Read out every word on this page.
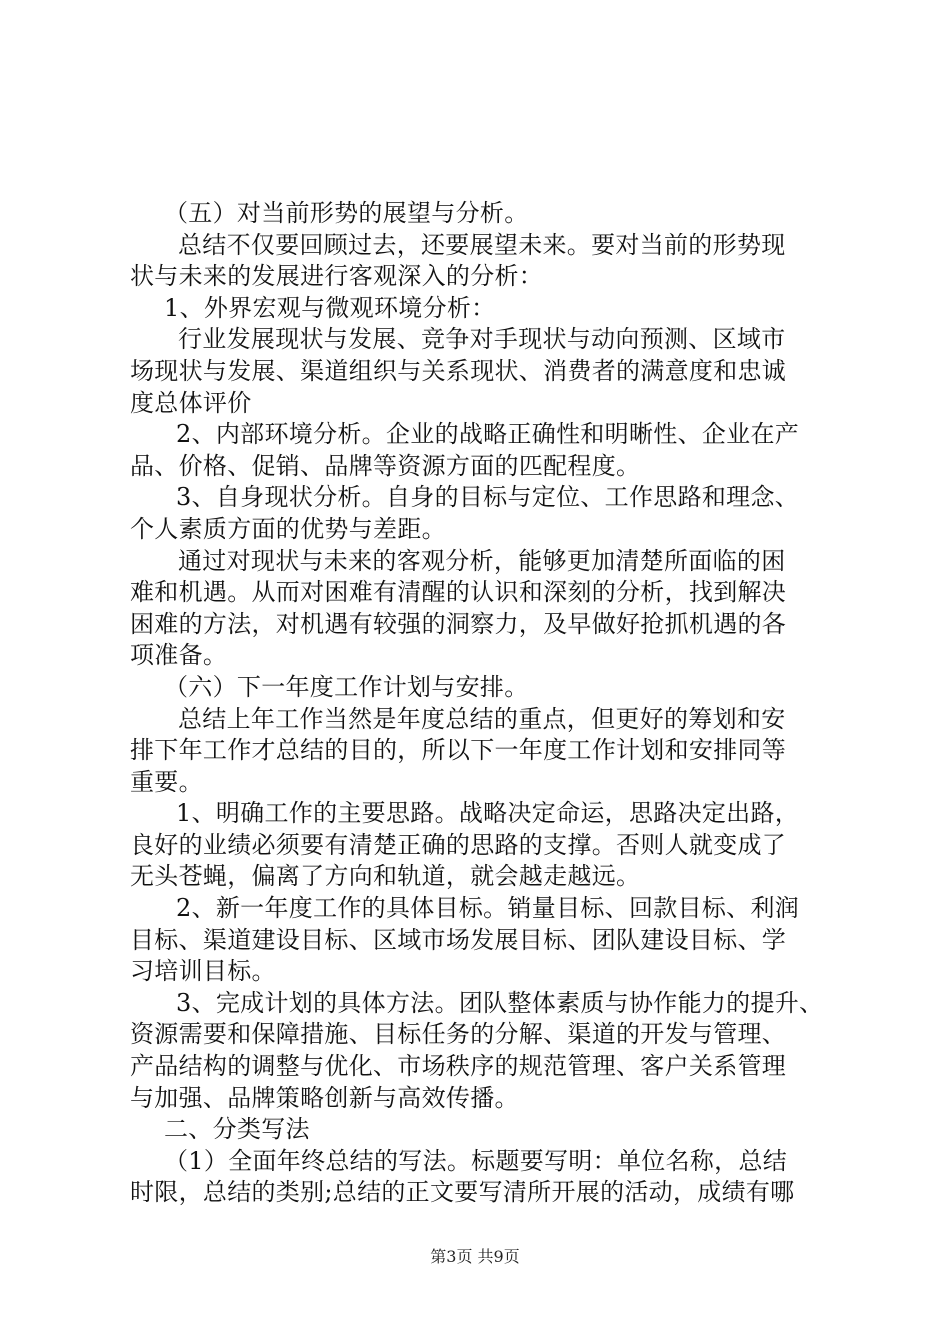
（五）对当前形势的展望与分析。
总结不仅要回顾过去，还要展望未来。要对当前的形势现
状与未来的发展进行客观深入的分析：
1、外界宏观与微观环境分析：
行业发展现状与发展、竞争对手现状与动向预测、区域市
场现状与发展、渠道组织与关系现状、消费者的满意度和忠诚
度总体评价
2、内部环境分析。企业的战略正确性和明晰性、企业在产
品、价格、促销、品牌等资源方面的匹配程度。
3、自身现状分析。自身的目标与定位、工作思路和理念、
个人素质方面的优势与差距。
通过对现状与未来的客观分析，能够更加清楚所面临的困
难和机遇。从而对困难有清醒的认识和深刻的分析，找到解决
困难的方法，对机遇有较强的洞察力，及早做好抢抓机遇的各
项准备。
（六）下一年度工作计划与安排。
总结上年工作当然是年度总结的重点，但更好的筹划和安
排下年工作才总结的目的，所以下一年度工作计划和安排同等
重要。
1、明确工作的主要思路。战略决定命运，思路决定出路，
良好的业绩必须要有清楚正确的思路的支撑。否则人就变成了
无头苍蝇，偏离了方向和轨道，就会越走越远。
2、新一年度工作的具体目标。销量目标、回款目标、利润
目标、渠道建设目标、区域市场发展目标、团队建设目标、学
习培训目标。
3、完成计划的具体方法。团队整体素质与协作能力的提升、
资源需要和保障措施、目标任务的分解、渠道的开发与管理、
产品结构的调整与优化、市场秩序的规范管理、客户关系管理
与加强、品牌策略创新与高效传播。
二、分类写法
（1）全面年终总结的写法。标题要写明：单位名称，总结
时限，总结的类别;总结的正文要写清所开展的活动，成绩有哪
第3页 共9页
